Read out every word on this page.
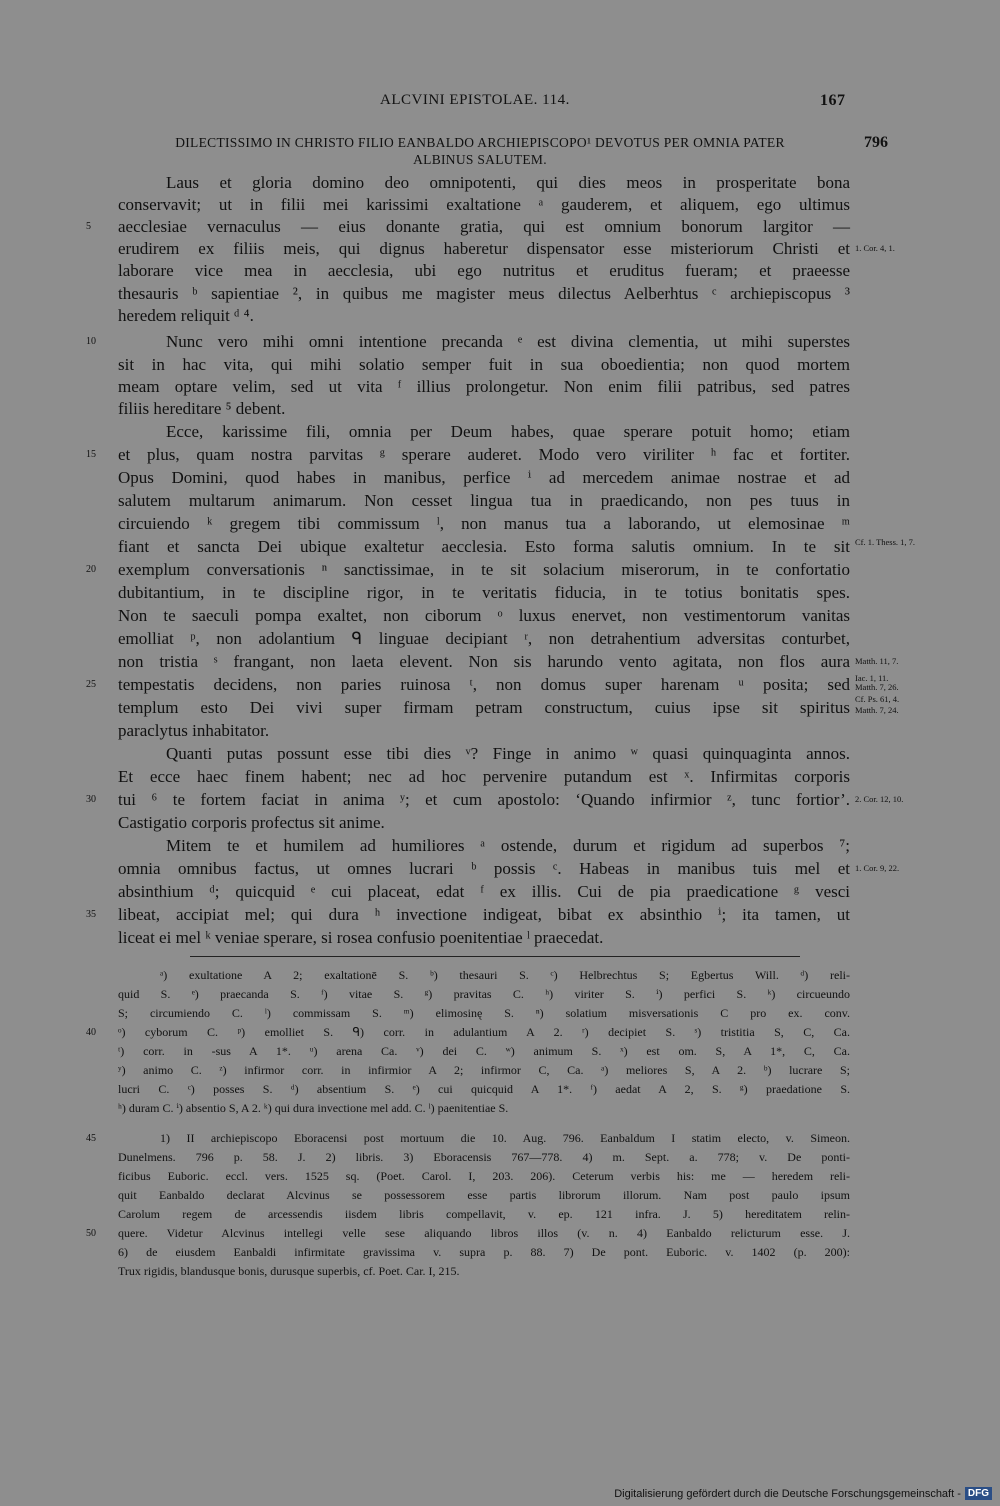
ALCVINI EPISTOLAE. 114.	167
796
DILECTISSIMO IN CHRISTO FILIO EANBALDO ARCHIEPISCOPO¹ DEVOTUS PER OMNIA PATER
ALBINUS SALUTEM.
Laus et gloria domino deo omnipotenti, qui dies meos in prosperitate bona
conservavit; ut in filii mei karissimi exaltatione ᵃ gauderem, et aliquem, ego ultimus
aecclesiae vernaculus — eius donante gratia, qui est omnium bonorum largitor —
erudirem ex filiis meis, qui dignus haberetur dispensator esse misteriorum Christi et
laborare vice mea in aecclesia, ubi ego nutritus et eruditus fueram; et praeesse
thesauris ᵇ sapientiae ², in quibus me magister meus dilectus Aelberhtus ᶜ archiepiscopus ³
heredem reliquit ᵈ ⁴.
Nunc vero mihi omni intentione precanda ᵉ est divina clementia, ut mihi superstes
sit in hac vita, qui mihi solatio semper fuit in sua oboedientia; non quod mortem
meam optare velim, sed ut vita ᶠ illius prolongetur. Non enim filii patribus, sed patres
filiis hereditare ⁵ debent.
Ecce, karissime fili, omnia per Deum habes, quae sperare potuit homo; etiam
et plus, quam nostra parvitas ᵍ sperare auderet. Modo vero viriliter ʰ fac et fortiter.
Opus Domini, quod habes in manibus, perfice ⁱ ad mercedem animae nostrae et ad
salutem multarum animarum. Non cesset lingua tua in praedicando, non pes tuus in
circuiendo ᵏ gregem tibi commissum ˡ, non manus tua a laborando, ut elemosinae ᵐ
fiant et sancta Dei ubique exaltetur aecclesia. Esto forma salutis omnium. In te sit
exemplum conversationis ⁿ sanctissimae, in te sit solacium miserorum, in te confortatio
dubitantium, in te discipline rigor, in te veritatis fiducia, in te totius bonitatis spes.
Non te saeculi pompa exaltet, non ciborum ᵒ luxus enervet, non vestimentorum vanitas
emolliat ᵖ, non adolantium ᑫ linguae decipiant ʳ, non detrahentium adversitas conturbet,
non tristia ˢ frangant, non laeta elevent. Non sis harundo vento agitata, non flos aura
tempestatis decidens, non paries ruinosa ᵗ, non domus super harenam ᵘ posita; sed
templum esto Dei vivi super firmam petram constructum, cuius ipse sit spiritus
paraclytus inhabitator.
Quanti putas possunt esse tibi dies ᵛ? Finge in animo ʷ quasi quinquaginta annos.
Et ecce haec finem habent; nec ad hoc pervenire putandum est ˣ. Infirmitas corporis
tui ⁶ te fortem faciat in anima ʸ; et cum apostolo: ‘Quando infirmior ᶻ, tunc fortior’.
Castigatio corporis profectus sit anime.
Mitem te et humilem ad humiliores ᵃ ostende, durum et rigidum ad superbos ⁷;
omnia omnibus factus, ut omnes lucrari ᵇ possis ᶜ. Habeas in manibus tuis mel et
absinthium ᵈ; quicquid ᵉ cui placeat, edat ᶠ ex illis. Cui de pia praedicatione ᵍ vesci
libeat, accipiat mel; qui dura ʰ invectione indigeat, bibat ex absinthio ⁱ; ita tamen, ut
liceat ei mel ᵏ veniae sperare, si rosea confusio poenitentiae ˡ praecedat.
5
10
15
20
25
30
35
1. Cor. 4, 1.
Cf. 1. Thess. 1, 7.
Matth. 11, 7.
Iac. 1, 11.
Matth. 7, 26.
Cf. Ps. 61, 4.
Matth. 7, 24.
2. Cor. 12, 10.
1. Cor. 9, 22.
ᵃ) exultatione A 2; exaltationē S. ᵇ) thesauri S. ᶜ) Helbrechtus S; Egbertus Will. ᵈ) reli-
quid S. ᵉ) praecanda S. ᶠ) vitae S. ᵍ) pravitas C. ʰ) viriter S. ⁱ) perfici S. ᵏ) circueundo
S; circumiendo C. ˡ) commissam S. ᵐ) elimosinę S. ⁿ) solatium misversationis C pro ex. conv.
ᵒ) cyborum C. ᵖ) emolliet S. ᑫ) corr. in adulantium A 2. ʳ) decipiet S. ˢ) tristitia S, C, Ca.
ᵗ) corr. in -sus A 1*. ᵘ) arena Ca. ᵛ) dei C. ʷ) animum S. ˣ) est om. S, A 1*, C, Ca.
ʸ) animo C. ᶻ) infirmor corr. in infirmior A 2; infirmor C, Ca. ᵃ) meliores S, A 2. ᵇ) lucrare S;
lucri C. ᶜ) posses S. ᵈ) absentium S. ᵉ) cui quicquid A 1*. ᶠ) aedat A 2, S. ᵍ) praedatione S.
ʰ) duram C. ⁱ) absentio S, A 2. ᵏ) qui dura invectione mel add. C. ˡ) paenitentiae S.
40
1) II archiepiscopo Eboracensi post mortuum die 10. Aug. 796. Eanbaldum I statim electo, v. Simeon.
Dunelmens. 796 p. 58. J. 2) libris. 3) Eboracensis 767—778. 4) m. Sept. a. 778; v. De ponti-
ficibus Euboric. eccl. vers. 1525 sq. (Poet. Carol. I, 203. 206). Ceterum verbis his: me — heredem reli-
quit Eanbaldo declarat Alcvinus se possessorem esse partis librorum illorum. Nam post paulo ipsum
Carolum regem de arcessendis iisdem libris compellavit, v. ep. 121 infra. J. 5) hereditatem relin-
quere. Videtur Alcvinus intellegi velle sese aliquando libros illos (v. n. 4) Eanbaldo relicturum esse. J.
6) de eiusdem Eanbaldi infirmitate gravissima v. supra p. 88. 7) De pont. Euboric. v. 1402 (p. 200):
Trux rigidis, blandusque bonis, durusque superbis, cf. Poet. Car. I, 215.
45
50
Digitalisierung gefördert durch die Deutsche Forschungsgemeinschaft - DFG
